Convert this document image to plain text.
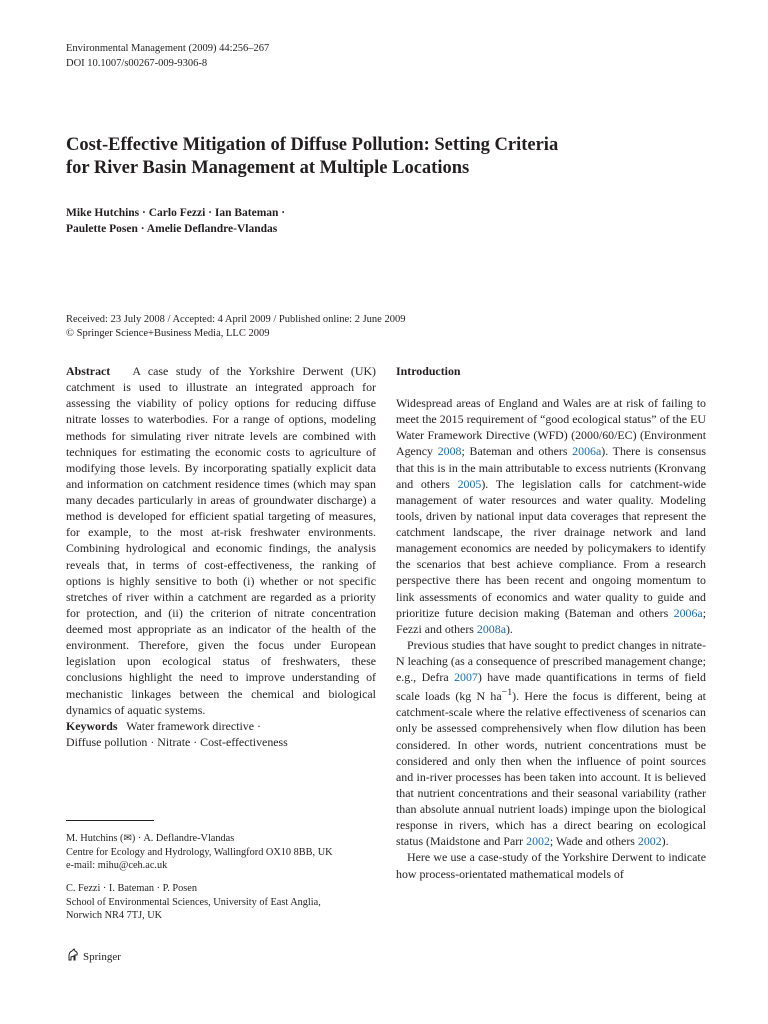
Environmental Management (2009) 44:256–267
DOI 10.1007/s00267-009-9306-8
Cost-Effective Mitigation of Diffuse Pollution: Setting Criteria
for River Basin Management at Multiple Locations
Mike Hutchins · Carlo Fezzi · Ian Bateman ·
Paulette Posen · Amelie Deflandre-Vlandas
Received: 23 July 2008 / Accepted: 4 April 2009 / Published online: 2 June 2009
© Springer Science+Business Media, LLC 2009

Abstract A case study of the Yorkshire Derwent (UK) catchment is used to illustrate an integrated approach for assessing the viability of policy options for reducing diffuse nitrate losses to waterbodies. For a range of options, modeling methods for simulating river nitrate levels are combined with techniques for estimating the economic costs to agriculture of modifying those levels. By incorporating spatially explicit data and information on catchment residence times (which may span many decades particularly in areas of groundwater discharge) a method is developed for efficient spatial targeting of measures, for example, to the most at-risk freshwater environments. Combining hydrological and economic findings, the analysis reveals that, in terms of cost-effectiveness, the ranking of options is highly sensitive to both (i) whether or not specific stretches of river within a catchment are regarded as a priority for protection, and (ii) the criterion of nitrate concentration deemed most appropriate as an indicator of the health of the environment. Therefore, given the focus under European legislation upon ecological status of freshwaters, these conclusions highlight the need to improve understanding of mechanistic linkages between the chemical and biological dynamics of aquatic systems.

Keywords Water framework directive ·
Diffuse pollution · Nitrate · Cost-effectiveness

M. Hutchins (✉) · A. Deflandre-Vlandas
Centre for Ecology and Hydrology, Wallingford OX10 8BB, UK
e-mail: mihu@ceh.ac.uk
C. Fezzi · I. Bateman · P. Posen
School of Environmental Sciences, University of East Anglia,
Norwich NR4 7TJ, UK
Springer
Introduction

Widespread areas of England and Wales are at risk of failing to meet the 2015 requirement of “good ecological status” of the EU Water Framework Directive (WFD) (2000/60/EC) (Environment Agency 2008; Bateman and others 2006a). There is consensus that this is in the main attributable to excess nutrients (Kronvang and others 2005). The legislation calls for catchment-wide management of water resources and water quality. Modeling tools, driven by national input data coverages that represent the catchment landscape, the river drainage network and land management economics are needed by policymakers to identify the scenarios that best achieve compliance. From a research perspective there has been recent and ongoing momentum to link assessments of economics and water quality to guide and prioritize future decision making (Bateman and others 2006a; Fezzi and others 2008a).

Previous studies that have sought to predict changes in nitrate-N leaching (as a consequence of prescribed management change; e.g., Defra 2007) have made quantifications in terms of field scale loads (kg N $ha^{-1}$). Here the focus is different, being at catchment-scale where the relative effectiveness of scenarios can only be assessed comprehensively when flow dilution has been considered. In other words, nutrient concentrations must be considered and only then when the influence of point sources and in-river processes has been taken into account. It is believed that nutrient concentrations and their seasonal variability (rather than absolute annual nutrient loads) impinge upon the biological response in rivers, which has a direct bearing on ecological status (Maidstone and Parr 2002; Wade and others 2002).

Here we use a case-study of the Yorkshire Derwent to indicate how process-orientated mathematical models of
